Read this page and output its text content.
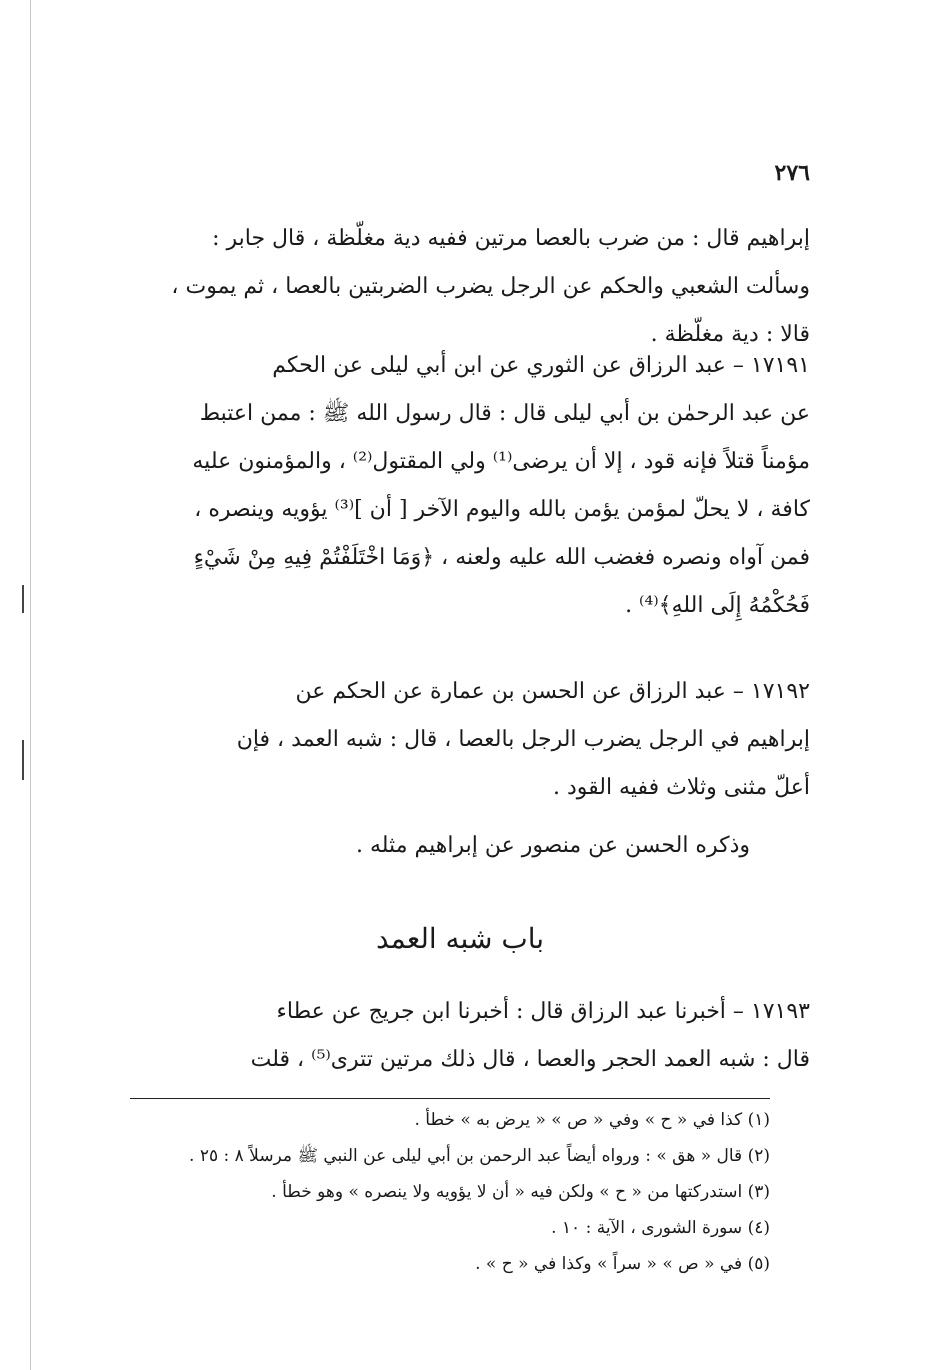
٢٧٦
إبراهيم قال : من ضرب بالعصا مرتين ففيه دية مغلّظة ، قال جابر :
وسألت الشعبي والحكم عن الرجل يضرب الضربتين بالعصا ، ثم يموت ،
قالا : دية مغلّظة .
١٧١٩١ – عبد الرزاق عن الثوري عن ابن أبي ليلى عن الحكم
عن عبد الرحمٰن بن أبي ليلى قال : قال رسول الله ﷺ : ممن اعتبط
مؤمناً قتلاً فإنه قود ، إلا أن يرضى⁽¹⁾ ولي المقتول⁽²⁾ ، والمؤمنون عليه
كافة ، لا يحلّ لمؤمن يؤمن بالله واليوم الآخر [ أن ]⁽³⁾ يؤويه وينصره ،
فمن آواه ونصره فغضب الله عليه ولعنه ، ﴿وَمَا اخْتَلَفْتُمْ فِيهِ مِنْ شَيْءٍ
فَحُكْمُهُ إِلَى اللهِ﴾⁽⁴⁾ .
١٧١٩٢ – عبد الرزاق عن الحسن بن عمارة عن الحكم عن
إبراهيم في الرجل يضرب الرجل بالعصا ، قال : شبه العمد ، فإن
أعلّ مثنى وثلاث ففيه القود .
وذكره الحسن عن منصور عن إبراهيم مثله .
باب شبه العمد
١٧١٩٣ – أخبرنا عبد الرزاق قال : أخبرنا ابن جريج عن عطاء
قال : شبه العمد الحجر والعصا ، قال ذلك مرتين تترى⁽⁵⁾ ، قلت

(١) كذا في « ح » وفي « ص » « يرض به » خطأ .

(٢) قال « هق » : ورواه أيضاً عبد الرحمن بن أبي ليلى عن النبي ﷺ مرسلاً ٨ : ٢٥ .

(٣) استدركتها من « ح » ولكن فيه « أن لا يؤويه ولا ينصره » وهو خطأ .

(٤) سورة الشورى ، الآية : ١٠ .

(٥) في « ص » « سراً » وكذا في « ح » .
